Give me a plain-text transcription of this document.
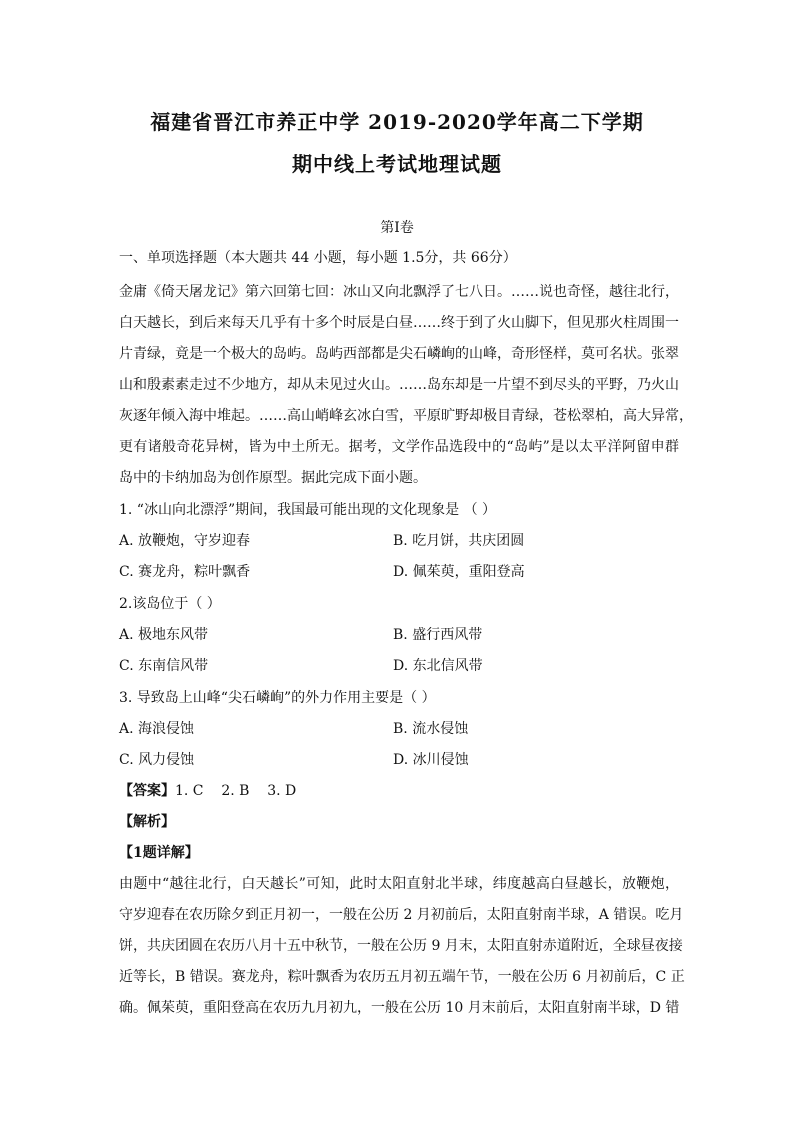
福建省晋江市养正中学 2019-2020学年高二下学期
期中线上考试地理试题
第Ⅰ卷
一、单项选择题（本大题共 44 小题，每小题 1.5分，共 66分）
金庸《倚天屠龙记》第六回第七回：冰山又向北飘浮了七八日。……说也奇怪，越往北行，
白天越长，到后来每天几乎有十多个时辰是白昼……终于到了火山脚下，但见那火柱周围一
片青绿，竟是一个极大的岛屿。岛屿西部都是尖石嶙峋的山峰，奇形怪样，莫可名状。张翠
山和殷素素走过不少地方，却从未见过火山。……岛东却是一片望不到尽头的平野，乃火山
灰逐年倾入海中堆起。……高山峭峰玄冰白雪，平原旷野却极目青绿，苍松翠柏，高大异常，
更有诸般奇花异树，皆为中土所无。据考，文学作品选段中的“岛屿”是以太平洋阿留申群
岛中的卡纳加岛为创作原型。据此完成下面小题。
1. “冰山向北漂浮”期间，我国最可能出现的文化现象是 （ ）
A. 放鞭炮，守岁迎春	B. 吃月饼，共庆团圆
C. 赛龙舟，粽叶飘香	D. 佩茱萸，重阳登高
2.该岛位于（ ）
A. 极地东风带	B. 盛行西风带
C. 东南信风带	D. 东北信风带
3. 导致岛上山峰“尖石嶙峋”的外力作用主要是（ ）
A. 海浪侵蚀	B. 流水侵蚀
C. 风力侵蚀	D. 冰川侵蚀
【答案】1. C    2. B    3. D
【解析】
【1题详解】
由题中“越往北行，白天越长”可知，此时太阳直射北半球，纬度越高白昼越长，放鞭炮，
守岁迎春在农历除夕到正月初一，一般在公历 2 月初前后，太阳直射南半球，A 错误。吃月
饼，共庆团圆在农历八月十五中秋节，一般在公历 9 月末，太阳直射赤道附近，全球昼夜接
近等长，B 错误。赛龙舟，粽叶飘香为农历五月初五端午节，一般在公历 6 月初前后，C 正
确。佩茱萸，重阳登高在农历九月初九，一般在公历 10 月末前后，太阳直射南半球，D 错
